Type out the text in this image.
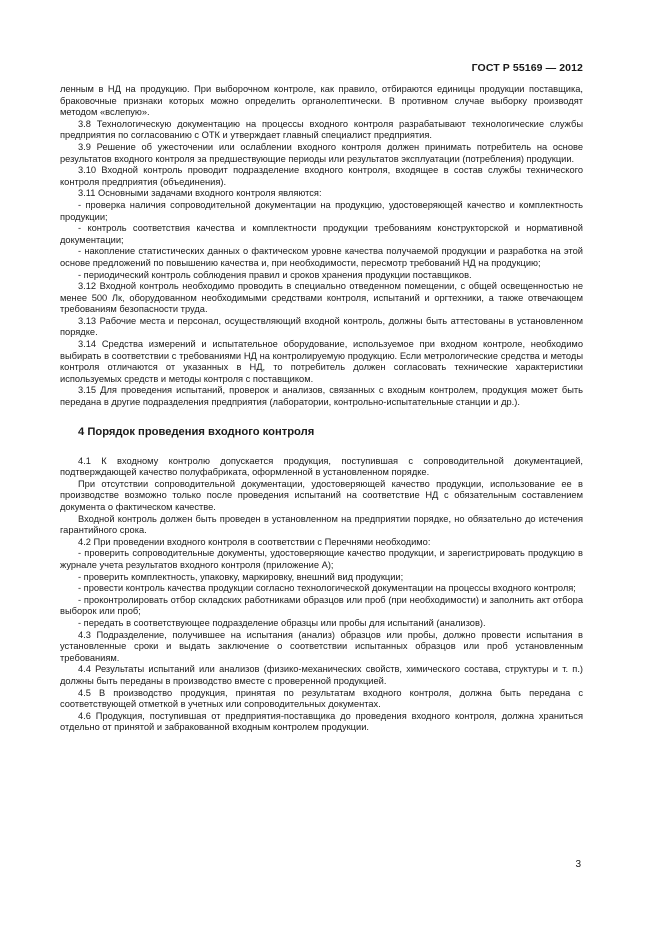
ГОСТ Р 55169 — 2012

ленным в НД на продукцию. При выборочном контроле, как правило, отбираются единицы продукции поставщика, браковочные признаки которых можно определить органолептически. В противном случае выборку производят методом «вслепую».

3.8 Технологическую документацию на процессы входного контроля разрабатывают технологические службы предприятия по согласованию с ОТК и утверждает главный специалист предприятия.

3.9 Решение об ужесточении или ослаблении входного контроля должен принимать потребитель на основе результатов входного контроля за предшествующие периоды или результатов эксплуатации (потребления) продукции.

3.10 Входной контроль проводит подразделение входного контроля, входящее в состав службы технического контроля предприятия (объединения).

3.11 Основными задачами входного контроля являются:

- проверка наличия сопроводительной документации на продукцию, удостоверяющей качество и комплектность продукции;

- контроль соответствия качества и комплектности продукции требованиям конструкторской и нормативной документации;

- накопление статистических данных о фактическом уровне качества получаемой продукции и разработка на этой основе предложений по повышению качества и, при необходимости, пересмотр требований НД на продукцию;

- периодический контроль соблюдения правил и сроков хранения продукции поставщиков.

3.12 Входной контроль необходимо проводить в специально отведенном помещении, с общей освещенностью не менее 500 Лк, оборудованном необходимыми средствами контроля, испытаний и оргтехники, а также отвечающем требованиям безопасности труда.

3.13 Рабочие места и персонал, осуществляющий входной контроль, должны быть аттестованы в установленном порядке.

3.14 Средства измерений и испытательное оборудование, используемое при входном контроле, необходимо выбирать в соответствии с требованиями НД на контролируемую продукцию. Если метрологические средства и методы контроля отличаются от указанных в НД, то потребитель должен согласовать технические характеристики используемых средств и методы контроля с поставщиком.

3.15 Для проведения испытаний, проверок и анализов, связанных с входным контролем, продукция может быть передана в другие подразделения предприятия (лаборатории, контрольно-испытательные станции и др.).

4 Порядок проведения входного контроля

4.1 К входному контролю допускается продукция, поступившая с сопроводительной документацией, подтверждающей качество полуфабриката, оформленной в установленном порядке.

При отсутствии сопроводительной документации, удостоверяющей качество продукции, использование ее в производстве возможно только после проведения испытаний на соответствие НД с обязательным составлением документа о фактическом качестве.

Входной контроль должен быть проведен в установленном на предприятии порядке, но обязательно до истечения гарантийного срока.

4.2 При проведении входного контроля в соответствии с Перечнями необходимо:

- проверить сопроводительные документы, удостоверяющие качество продукции, и зарегистрировать продукцию в журнале учета результатов входного контроля (приложение А);

- проверить комплектность, упаковку, маркировку, внешний вид продукции;

- провести контроль качества продукции согласно технологической документации на процессы входного контроля;

- проконтролировать отбор складских работниками образцов или проб (при необходимости) и заполнить акт отбора выборок или проб;

- передать в соответствующее подразделение образцы или пробы для испытаний (анализов).

4.3 Подразделение, получившее на испытания (анализ) образцов или пробы, должно провести испытания в установленные сроки и выдать заключение о соответствии испытанных образцов или проб установленным требованиям.

4.4 Результаты испытаний или анализов (физико-механических свойств, химического состава, структуры и т. п.) должны быть переданы в производство вместе с проверенной продукцией.

4.5 В производство продукция, принятая по результатам входного контроля, должна быть передана с соответствующей отметкой в учетных или сопроводительных документах.

4.6 Продукция, поступившая от предприятия-поставщика до проведения входного контроля, должна храниться отдельно от принятой и забракованной входным контролем продукции.

3
